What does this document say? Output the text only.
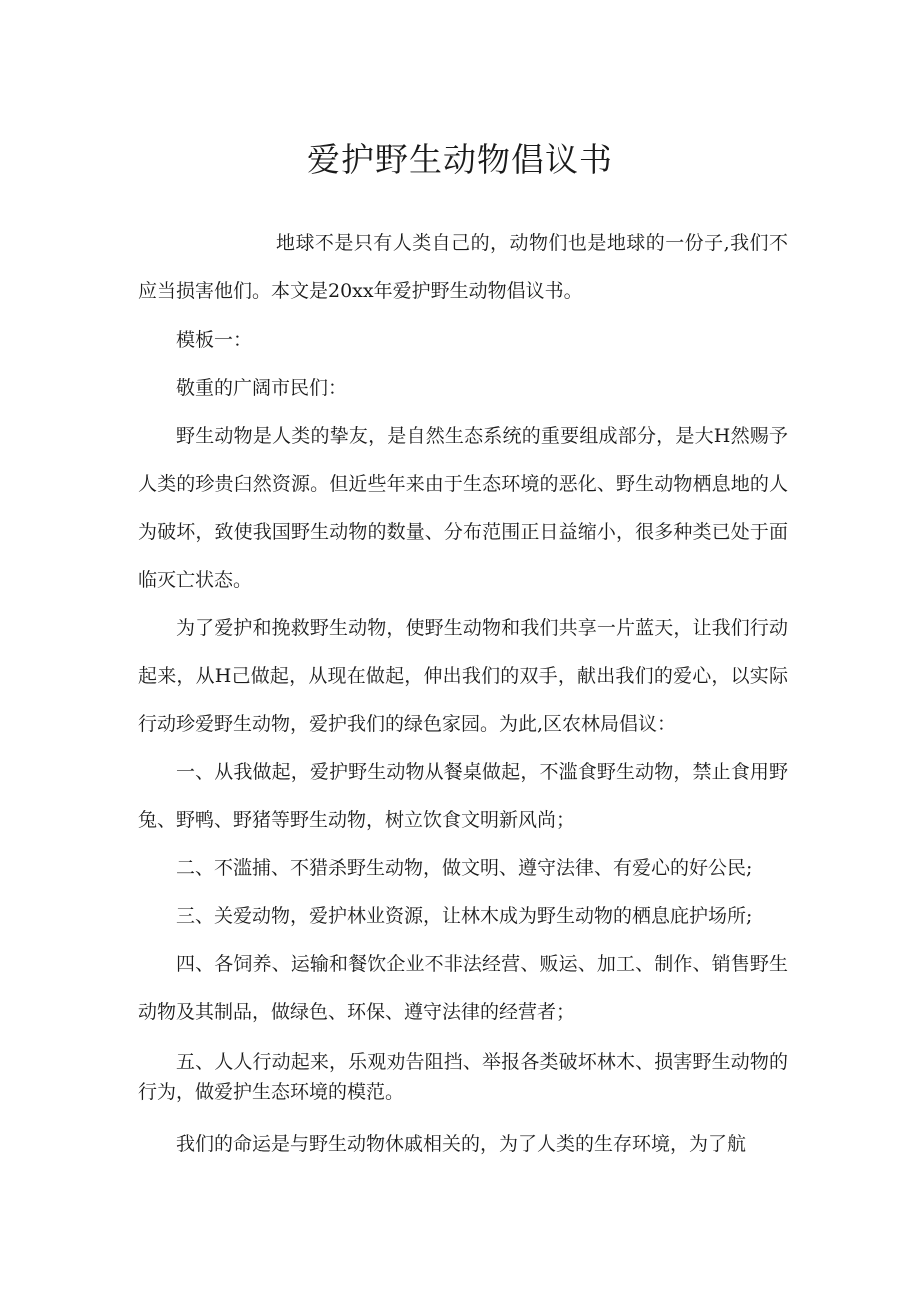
爱护野生动物倡议书

地球不是只有人类自己的，动物们也是地球的一份子,我们不应当损害他们。本文是20xx年爱护野生动物倡议书。

模板一：

敬重的广阔市民们：

野生动物是人类的挚友，是自然生态系统的重要组成部分，是大H然赐予人类的珍贵臼然资源。但近些年来由于生态环境的恶化、野生动物栖息地的人为破坏，致使我国野生动物的数量、分布范围正日益缩小，很多种类已处于面临灭亡状态。

为了爱护和挽救野生动物，使野生动物和我们共享一片蓝天，让我们行动起来，从H己做起，从现在做起，伸出我们的双手，献出我们的爱心，以实际行动珍爱野生动物，爱护我们的绿色家园。为此,区农林局倡议：

一、从我做起，爱护野生动物从餐桌做起，不滥食野生动物，禁止食用野兔、野鸭、野猪等野生动物，树立饮食文明新风尚；

二、不滥捕、不猎杀野生动物，做文明、遵守法律、有爱心的好公民;

三、关爱动物，爱护林业资源，让林木成为野生动物的栖息庇护场所;

四、各饲养、运输和餐饮企业不非法经营、贩运、加工、制作、销售野生动物及其制品，做绿色、环保、遵守法律的经营者；

五、人人行动起来，乐观劝告阻挡、举报各类破坏林木、损害野生动物的行为，做爱护生态环境的模范。

我们的命运是与野生动物休戚相关的，为了人类的生存环境，为了航
